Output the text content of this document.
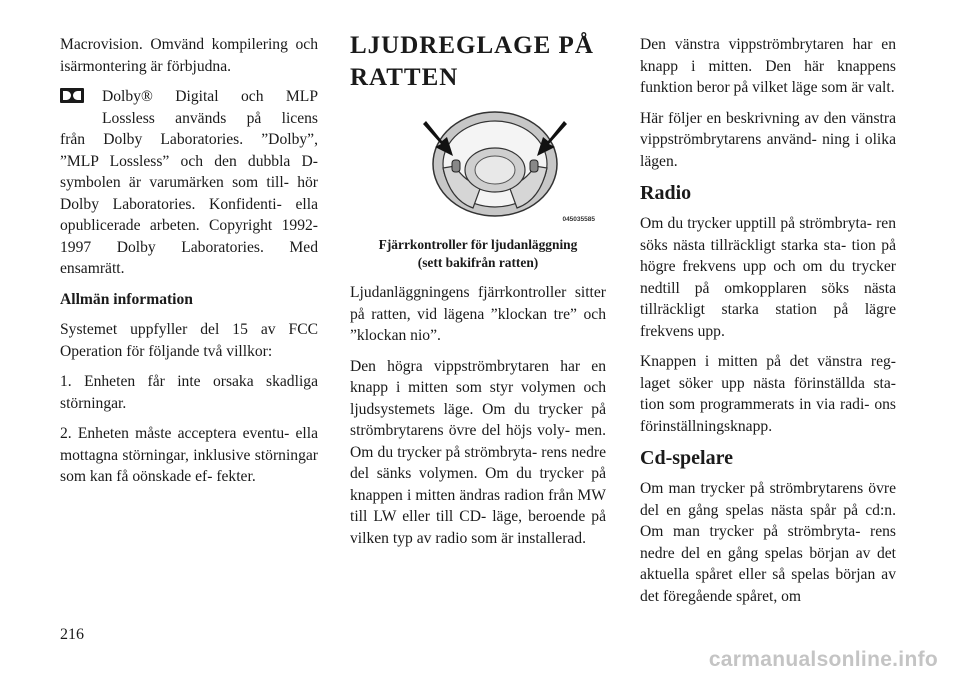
Macrovision. Omvänd kompilering och isärmontering är förbjudna.

Dolby® Digital och MLP
Lossless används på licens
från Dolby Laboratories. ”Dolby”, ”MLP Lossless” och den dubbla D-symbolen är varumärken som till- hör Dolby Laboratories. Konfidenti- ella opublicerade arbeten. Copyright 1992-1997 Dolby Laboratories. Med ensamrätt.

Allmän information

Systemet uppfyller del 15 av FCC Operation för följande två villkor:

1. Enheten får inte orsaka skadliga störningar.

2. Enheten måste acceptera eventu- ella mottagna störningar, inklusive störningar som kan få oönskade ef- fekter.

LJUDREGLAGE PÅ
RATTEN
045035585
Fjärrkontroller för ljudanläggning
(sett bakifrån ratten)

Ljudanläggningens fjärrkontroller sitter på ratten, vid lägena ”klockan tre” och ”klockan nio”.

Den högra vippströmbrytaren har en knapp i mitten som styr volymen och ljudsystemets läge. Om du trycker på strömbrytarens övre del höjs voly- men. Om du trycker på strömbryta- rens nedre del sänks volymen. Om du trycker på knappen i mitten ändras radion från MW till LW eller till CD- läge, beroende på vilken typ av radio som är installerad.

Den vänstra vippströmbrytaren har en knapp i mitten. Den här knappens funktion beror på vilket läge som är valt.

Här följer en beskrivning av den vänstra vippströmbrytarens använd- ning i olika lägen.

Radio

Om du trycker upptill på strömbryta- ren söks nästa tillräckligt starka sta- tion på högre frekvens upp och om du trycker nedtill på omkopplaren söks nästa tillräckligt starka station på lägre frekvens upp.

Knappen i mitten på det vänstra reg- laget söker upp nästa förinställda sta- tion som programmerats in via radi- ons förinställningsknapp.

Cd-spelare

Om man trycker på strömbrytarens övre del en gång spelas nästa spår på cd:n. Om man trycker på strömbryta- rens nedre del en gång spelas början av det aktuella spåret eller så spelas början av det föregående spåret, om

216
carmanualsonline.info
